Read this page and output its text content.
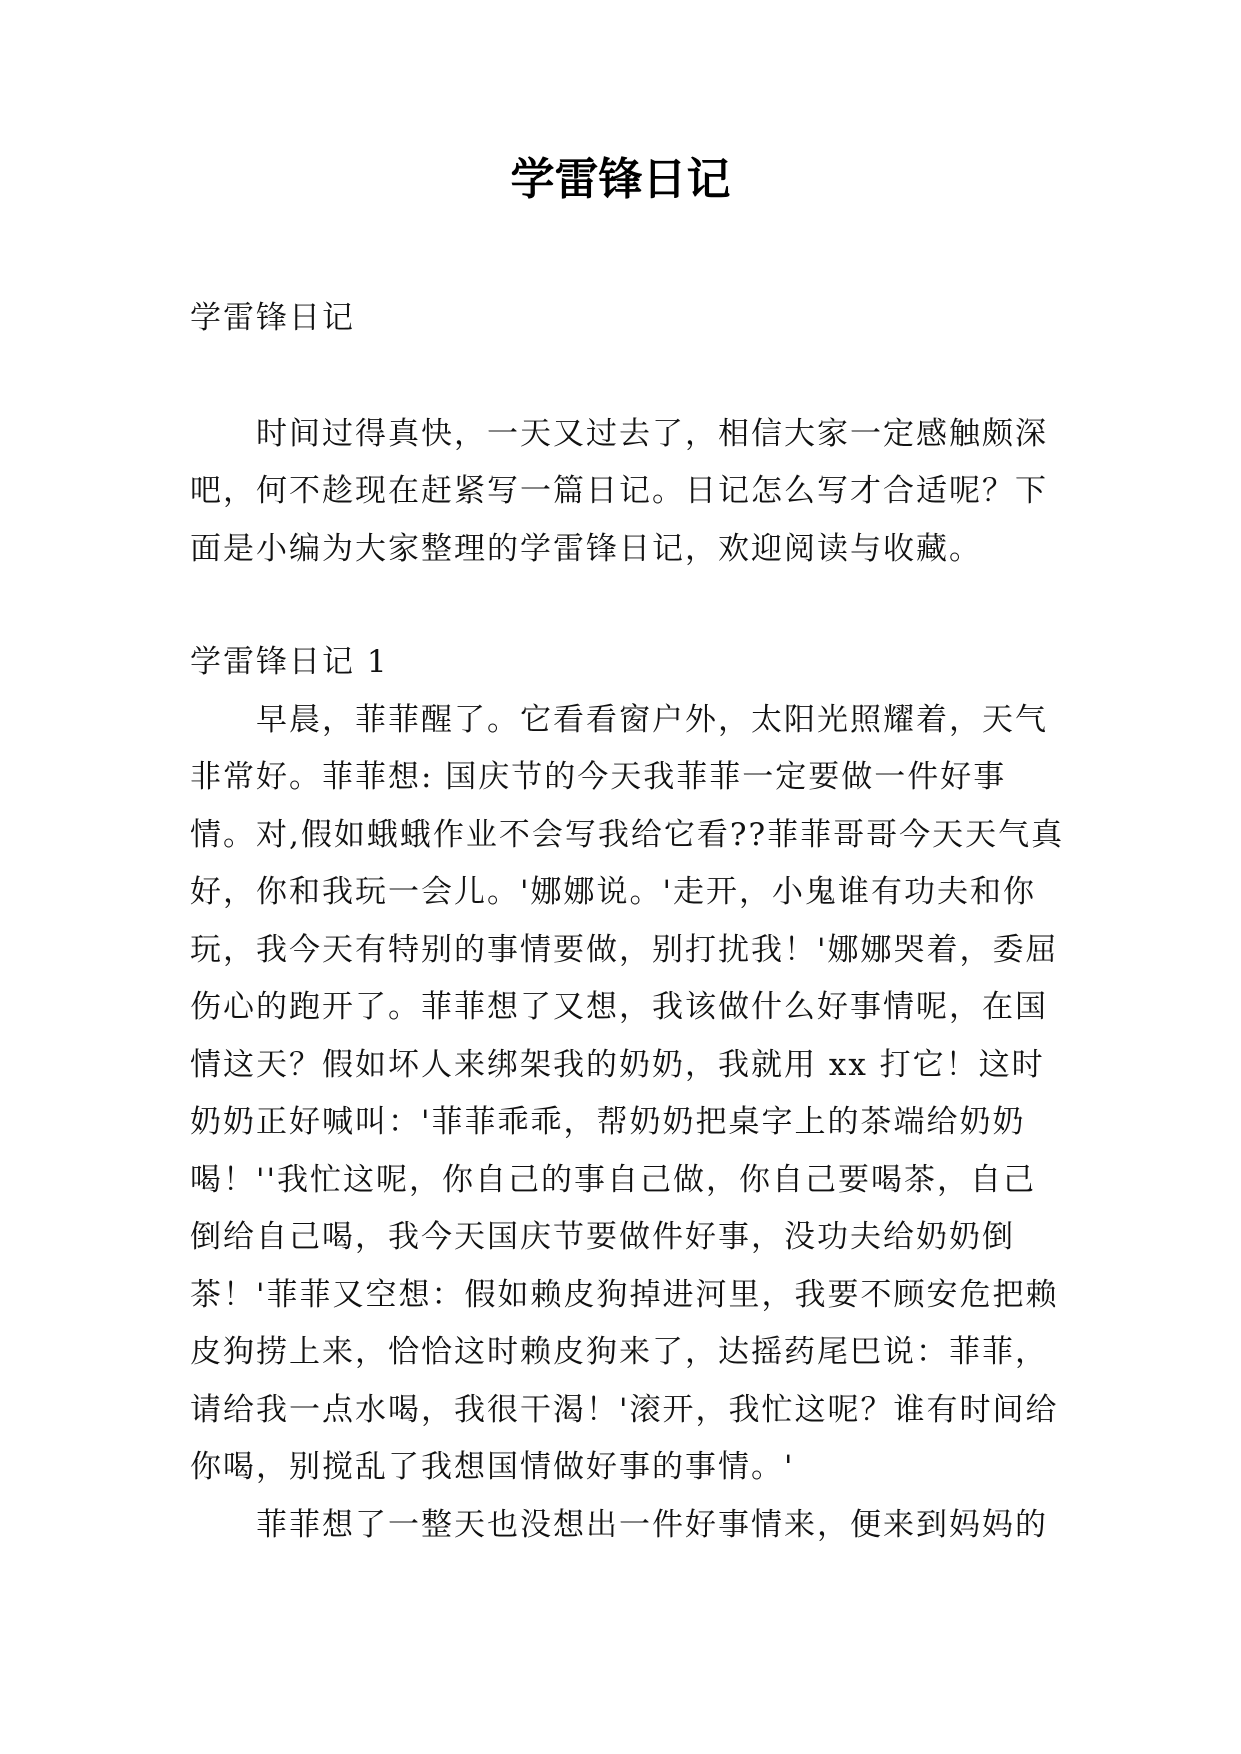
学雷锋日记

学雷锋日记

时间过得真快，一天又过去了，相信大家一定感触颇深吧，何不趁现在赶紧写一篇日记。日记怎么写才合适呢？下面是小编为大家整理的学雷锋日记，欢迎阅读与收藏。

学雷锋日记 1

早晨，菲菲醒了。它看看窗户外，太阳光照耀着，天气非常好。菲菲想: 国庆节的今天我菲菲一定要做一件好事情。对,假如蛾蛾作业不会写我给它看??菲菲哥哥今天天气真好，你和我玩一会儿。'娜娜说。'走开，小鬼谁有功夫和你玩，我今天有特别的事情要做，别打扰我！'娜娜哭着，委屈伤心的跑开了。菲菲想了又想，我该做什么好事情呢，在国情这天？假如坏人来绑架我的奶奶，我就用 xx 打它！这时奶奶正好喊叫：'菲菲乖乖，帮奶奶把桌字上的茶端给奶奶喝！''我忙这呢，你自己的事自己做，你自己要喝茶，自己倒给自己喝，我今天国庆节要做件好事，没功夫给奶奶倒茶！'菲菲又空想：假如赖皮狗掉进河里，我要不顾安危把赖皮狗捞上来，恰恰这时赖皮狗来了，达摇药尾巴说：菲菲，请给我一点水喝，我很干渴！'滚开，我忙这呢？谁有时间给你喝，别搅乱了我想国情做好事的事情。'

菲菲想了一整天也没想出一件好事情来，便来到妈妈的
